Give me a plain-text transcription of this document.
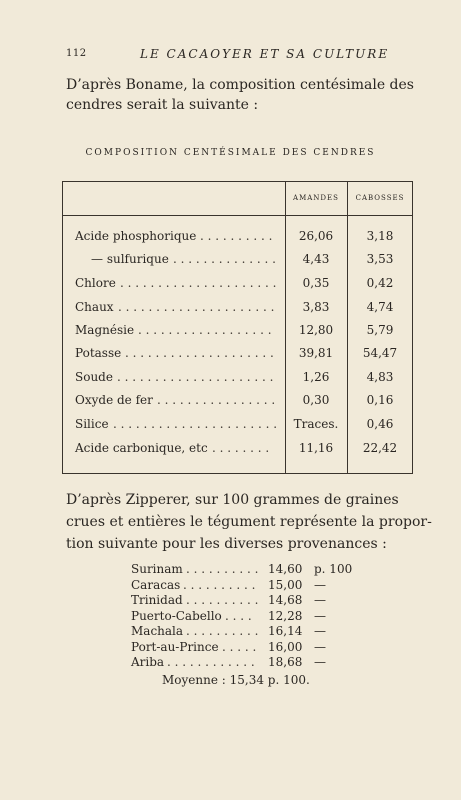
112	LE CACAOYER ET SA CULTURE
D’après Boname, la composition centésimale des
cendres serait la suivante :
COMPOSITION CENTÉSIMALE DES CENDRES
AMANDES	CABOSSES
Acide phosphorique . . . . . . . . . .	26,06	3,18
— sulfurique . . . . . . . . . . . . . .	4,43	3,53
Chlore . . . . . . . . . . . . . . . . . . . . .	0,35	0,42
Chaux . . . . . . . . . . . . . . . . . . . . .	3,83	4,74
Magnésie . . . . . . . . . . . . . . . . . .	12,80	5,79
Potasse . . . . . . . . . . . . . . . . . . . .	39,81	54,47
Soude . . . . . . . . . . . . . . . . . . . . .	1,26	4,83
Oxyde de fer . . . . . . . . . . . . . . . .	0,30	0,16
Silice . . . . . . . . . . . . . . . . . . . . . .	Traces.	0,46
Acide carbonique, etc . . . . . . . .	11,16	22,42
D’après Zipperer, sur 100 grammes de graines
crues et entières le tégument représente la propor-
tion suivante pour les diverses provenances :
Surinam . . . . . . . . . . 14,60 p. 100
Caracas . . . . . . . . . . 15,00 —
Trinidad . . . . . . . . . . 14,68 —
Puerto-Cabello . . . . 12,28 —
Machala . . . . . . . . . . 16,14 —
Port-au-Prince . . . . . 16,00 —
Ariba . . . . . . . . . . . . 18,68 —
Moyenne : 15,34 p. 100.
